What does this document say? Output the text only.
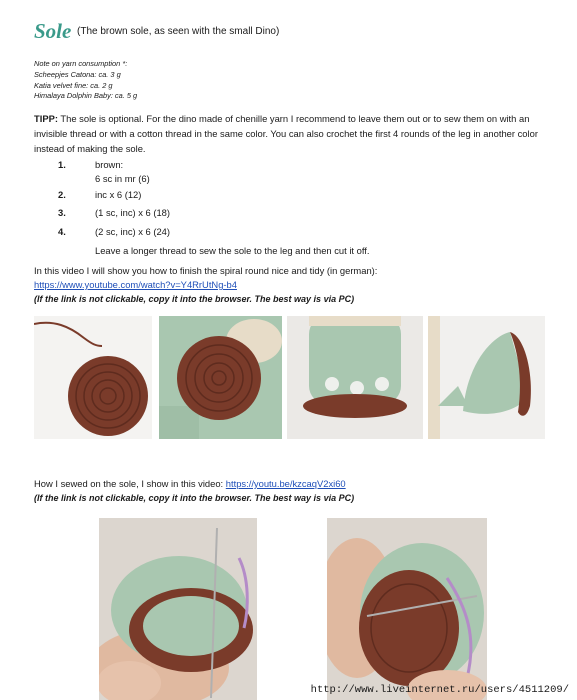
Sole (The brown sole, as seen with the small Dino)
Note on yarn consumption *:
Scheepjes Catona: ca. 3 g
Katia velvet fine: ca. 2 g
Himalaya Dolphin Baby: ca. 5 g
TIPP: The sole is optional. For the dino made of chenille yarn I recommend to leave them out or to sew them on with an invisible thread or with a cotton thread in the same color. You can also crochet the first 4 rounds of the leg in another color instead of making the sole.
1.	brown:
6 sc in mr (6)
2.	inc x 6 (12)
3.	(1 sc, inc) x 6 (18)
4.	(2 sc, inc) x 6 (24)
Leave a longer thread to sew the sole to the leg and then cut it off.
In this video I will show you how to finish the spiral round nice and tidy (in german):
https://www.youtube.com/watch?v=Y4RrUtNg-b4
(If the link is not clickable, copy it into the browser. The best way is via PC)
How I sewed on the sole, I show in this video: https://youtu.be/kzcaqV2xi60
(If the link is not clickable, copy it into the browser. The best way is via PC)
http://www.liveinternet.ru/users/4511209/
